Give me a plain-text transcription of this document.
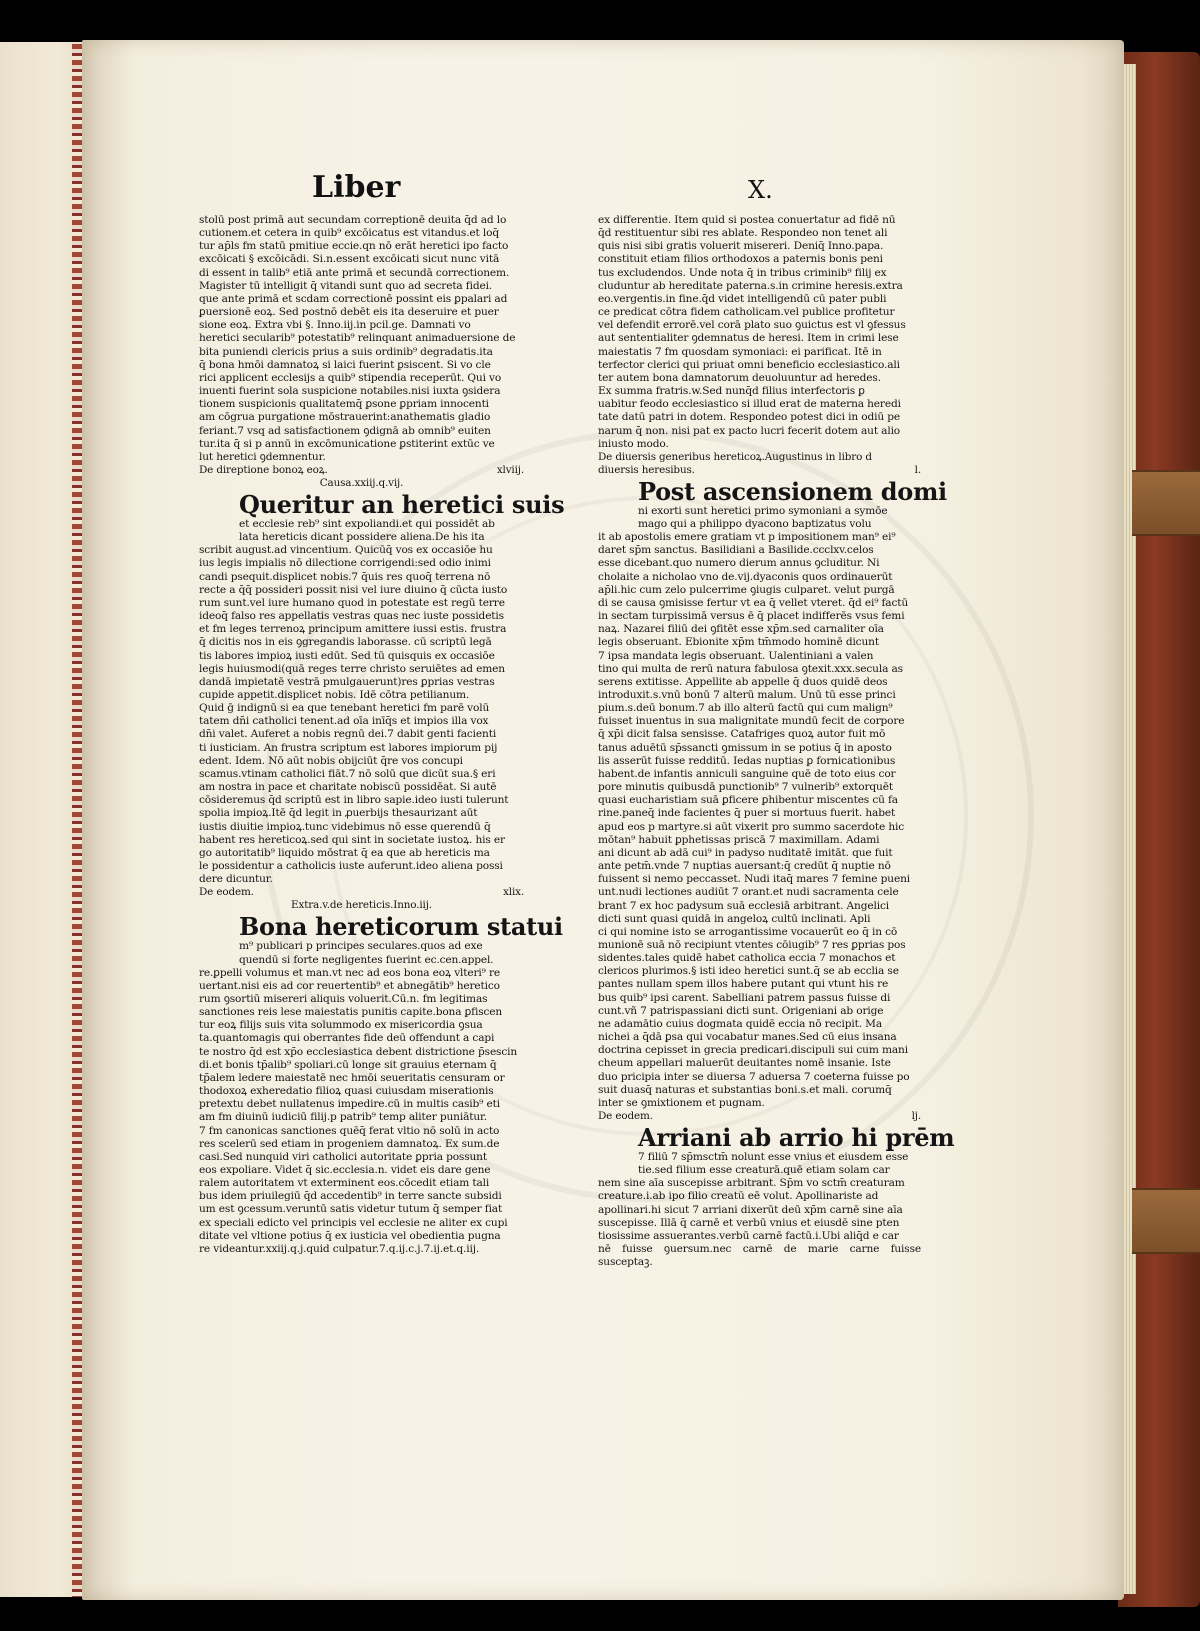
Liber	X.
stolū post primā aut secundam correptionē deuita q̄d ad lo
cutionem.et cetera in quib⁹ excōicatus est vitandus.et loq̄
tur ap̄ls fm statū pmitiue eccie.qn nō erāt heretici ipo facto
excōicati § excōicādi. Si.n.essent excōicati sicut nunc vitā
di essent in talib⁹ etiā ante primā et secundā correctionem.
Magister tū intelligit q̄ vitandi sunt quo ad secreta fidei.
que ante primā et scdam correctionē possint eis ꝑpalari ad
ꝑuersionē eoꝝ. Sed postnō debēt eis ita deseruire et puer
sione eoꝝ. Extra vbi §. Inno.iij.in pcil.ge. Damnati vo
heretici secularib⁹ potestatib⁹ relinquant animaduersione de
bita puniendi clericis prius a suis ordinib⁹ degradatis.ita
q̄ bona hmōi damnatoꝝ si laici fuerint ꝑsiscent. Si vo cle
rici applicent ecclesijs a quib⁹ stipendia receperūt. Qui vo
inuenti fuerint sola suspicione notabiles.nisi iuxta ꝯsidera
tionem suspicionis qualitatemq̄ ꝑsone ꝑpriam innocenti
am cōgrua purgatione mōstrauerint:anathematis gladio
feriant.7 vsq ad satisfactionem ꝯdignā ab omnib⁹ euiten
tur.ita q̄ si p annū in excōmunicatione ꝑstiterint extūc ve
lut heretici ꝯdemnentur.
De direptione bonoꝝ eoꝝ.	xlviij.
Causa.xxiij.q.vij.
Queritur an heretici suis
et ecclesie reb⁹ sint expoliandi.et qui possidēt ab
lata hereticis dicant possidere aliena.De his ita
scribit august.ad vincentium. Quicūq̄ vos ex occasiōe hu
ius legis impialis nō dilectione corrigendi:sed odio inimi
candi psequit.displicet nobis.7 q̄uis res quoq̄ terrena nō
recte a q̄q̄ possideri possit nisi vel iure diuino q̄ cūcta iusto
rum sunt.vel iure humano quod in potestate est regū terre
ideoq̄ falso res appellatis vestras quas nec iuste possidetis
et fm leges terrenoꝝ principum amittere iussi estis. frustra
q̄ dicitis nos in eis ꝯgregandis laborasse. cū scriptū legā
tis labores impioꝝ iusti edūt. Sed tū quisquis ex occasiōe
legis huiusmodi(quā reges terre christo seruiētes ad emen
dandā impietatē vestrā pmulgauerunt)res ꝑprias vestras
cupide appetit.displicet nobis. Idē cōtra petilianum.
Quid ḡ indignū si ea que tenebant heretici fm parē volū
tatem dn̄i catholici tenent.ad oīa inīq̄s et impios illa vox
dn̄i valet. Auferet a nobis regnū dei.7 dabit genti facienti
ti iusticiam. An frustra scriptum est labores impiorum pij
edent. Idem. Nō aūt nobis obijciūt q̄re vos concupi
scamus.vtinam catholici fiāt.7 nō solū que dicūt sua.§ eri
am nostra in pace et charitate nobiscū possidēat. Si autē
cōsideremus q̄d scriptū est in libro sapie.ideo iusti tulerunt
spolia impioꝝ.Itē q̄d legit in ꝓuerbijs thesaurizant aūt
iustis diuitie impioꝝ.tunc videbimus nō esse querendū q̄
habent res hereticoꝝ.sed qui sint in societate iustoꝝ. his er
go autoritatib⁹ liquido mōstrat q̄ ea que ab hereticis ma
le possidentur a catholicis iuste auferunt.ideo aliena possi
dere dicuntur.
De eodem.	xlix.
Extra.v.de hereticis.Inno.iij.
Bona hereticorum statui
m⁹ publicari p principes seculares.quos ad exe
quendū si forte negligentes fuerint ec.cen.appel.
re.ꝑpelli volumus et man.vt nec ad eos bona eoꝝ vlteri⁹ re
uertant.nisi eis ad cor reuertentib⁹ et abnegātib⁹ heretico
rum ꝯsortiū misereri aliquis voluerit.Cū.n. fm legitimas
sanctiones reis lese maiestatis punitis capite.bona ꝑfiscen
tur eoꝝ filijs suis vita solummodo ex misericordia ꝯsua
ta.quantomagis qui oberrantes fide deū offendunt a capi
te nostro q̄d est xp̄o ecclesiastica debent districtione p̄sescin
di.et bonis tp̄alib⁹ spoliari.cū longe sit grauius eternam q̄
tp̄alem ledere maiestatē nec hmōi seueritatis censuram or
thodoxoꝝ exheredatio filioꝝ quasi cuiusdam miserationis
pretextu debet nullatenus impedire.cū in multis casib⁹ eti
am fm diuinū iudiciū filij.p patrib⁹ temp aliter puniātur.
7 fm canonicas sanctiones quēq̄ ferat vltio nō solū in acto
res scelerū sed etiam in progeniem damnatoꝝ. Ex sum.de
casi.Sed nunquid viri catholici autoritate ꝑpria possunt
eos expoliare. Videt q̄ sic.ecclesia.n. videt eis dare gene
ralem autoritatem vt exterminent eos.cōcedit etiam tali
bus idem priuilegiū q̄d accedentib⁹ in terre sancte subsidi
um est ꝯcessum.veruntū satis videtur tutum q̄ semper fiat
ex speciali edicto vel principis vel ecclesie ne aliter ex cupi
ditate vel vltione potius q̄ ex iusticia vel obedientia pugna
re videantur.xxiij.q.j.quid culpatur.7.q.ij.c.j.7.ij.et.q.iij.
ex differentie. Item quid si postea conuertatur ad fidē nū
q̄d restituentur sibi res ablate. Respondeo non tenet ali
quis nisi sibi gratis voluerit misereri. Deniq̄ Inno.papa.
constituit etiam filios orthodoxos a paternis bonis peni
tus excludendos. Unde nota q̄ in tribus criminib⁹ filij ex
cluduntur ab hereditate paterna.s.in crimine heresis.extra
eo.vergentis.in fine.q̄d videt intelligendū cū pater publi
ce predicat cōtra fidem catholicam.vel publice profitetur
vel defendit errorē.vel corā plato suo ꝯuictus est vl ꝯfessus
aut sententialiter ꝯdemnatus de heresi. Item in crimi lese
maiestatis 7 fm quosdam symoniaci: ei parificat. Itē in
terfector clerici qui priuat omni beneficio ecclesiastico.ali
ter autem bona damnatorum deuoluuntur ad heredes.
Ex summa fratris.w.Sed nunq̄d filius interfectoris ꝑ
uabitur feodo ecclesiastico si illud erat de materna heredi
tate datū patri in dotem. Respondeo potest dici in odiū pe
narum q̄ non. nisi pat ex pacto lucri fecerit dotem aut alio
iniusto modo.
De diuersis generibus hereticoꝝ.Augustinus in libro d
diuersis heresibus.	l.
Post ascensionem domi
ni exorti sunt heretici primo symoniani a symōe
mago qui a philippo dyacono baptizatus volu
it ab apostolis emere gratiam vt p impositionem man⁹ ei⁹
daret sp̄m sanctus. Basilidiani a Basilide.ccclxv.celos
esse dicebant.quo numero dierum annus ꝯcluditur. Ni
cholaite a nicholao vno de.vij.dyaconis quos ordinauerūt
ap̄li.hic cum zelo pulcerrime ꝯiugis culparet. velut purgā
di se causa ꝯmisisse fertur vt ea q̄ vellet vteret. q̄d ei⁹ factū
in sectam turpissimā versus ē q̄ placet indifferēs vsus femi
naꝝ. Nazarei filiū dei ꝯfitēt esse xp̄m.sed carnaliter oīa
legis obseruant. Ebionite xp̄m tm̄modo hominē dicunt
7 ipsa mandata legis obseruant. Ualentiniani a valen
tino qui multa de rerū natura fabulosa ꝯtexit.xxx.secula as
serens extitisse. Appellite ab appelle q̄ duos quidē deos
introduxit.s.vnū bonū 7 alterū malum. Unū tū esse princi
pium.s.deū bonum.7 ab illo alterū factū qui cum malign⁹
fuisset inuentus in sua malignitate mundū fecit de corpore
q̄ xp̄i dicit falsa sensisse. Catafriges quoꝝ autor fuit mō
tanus aduētū sp̄ssancti ꝯmissum in se potius q̄ in aposto
lis asserūt fuisse redditū. Iedas nuptias ꝑ fornicationibus
habent.de infantis anniculi sanguine quē de toto eius cor
pore minutis quibusdā punctionib⁹ 7 vulnerib⁹ extorquēt
quasi eucharistiam suā ꝑficere ꝑhibentur miscentes cū fa
rine.paneq̄ inde facientes q̄ puer si mortuus fuerit. habet
apud eos p martyre.si aūt vixerit pro summo sacerdote hic
mōtan⁹ habuit ꝑphetissas priscā 7 maximillam. Adami
ani dicunt ab adā cui⁹ in padyso nuditatē imitāt. que fuit
ante petm̄.vnde 7 nuptias auersant:q̄ credūt q̄ nuptie nō
fuissent si nemo peccasset. Nudi itaq̄ mares 7 femine pueni
unt.nudi lectiones audiūt 7 orant.et nudi sacramenta cele
brant 7 ex hoc padysum suā ecclesiā arbitrant. Angelici
dicti sunt quasi quidā in angeloꝝ cultū inclinati. Apli
ci qui nomine isto se arrogantissime vocauerūt eo q̄ in cō
munionē suā nō recipiunt vtentes cōiugib⁹ 7 res ꝑprias pos
sidentes.tales quidē habet catholica eccia 7 monachos et
clericos plurimos.§ isti ideo heretici sunt.q̄ se ab ecclia se
pantes nullam spem illos habere putant qui vtunt his re
bus quib⁹ ipsi carent. Sabelliani patrem passus fuisse di
cunt.vñ 7 patrispassiani dicti sunt. Origeniani ab orige
ne adamātio cuius dogmata quidē eccia nō recipit. Ma
nichei a q̄dā ꝑsa qui vocabatur manes.Sed cū eius insana
doctrina cepisset in grecia predicari.discipuli sui cum mani
cheum appellari maluerūt deuitantes nomē insanie. Iste
duo pricipia inter se diuersa 7 aduersa 7 coeterna fuisse po
suit duasq̄ naturas et substantias boni.s.et mali. corumq̄
inter se ꝯmixtionem et pugnam.
De eodem.	lj.
Arriani ab arrio hi prēm
7 filiū 7 sp̄msctm̄ nolunt esse vnius et eiusdem esse
tie.sed filium esse creaturā.quē etiam solam car
nem sine aīa suscepisse arbitrant. Sp̄m vo sctm̄ creaturam
creature.i.ab ipo filio creatū eē volut. Apollinariste ad
apollinari.hi sicut 7 arriani dixerūt deū xp̄m carnē sine aīa
suscepisse. Illā q̄ carnē et verbū vnius et eiusdē sine pten
tiosissime assuerantes.verbū carnē factū.i.Ubi aliq̄d e car
nē fuisse ꝯuersum.nec carnē de marie carne fuisse susceptaꝫ.
